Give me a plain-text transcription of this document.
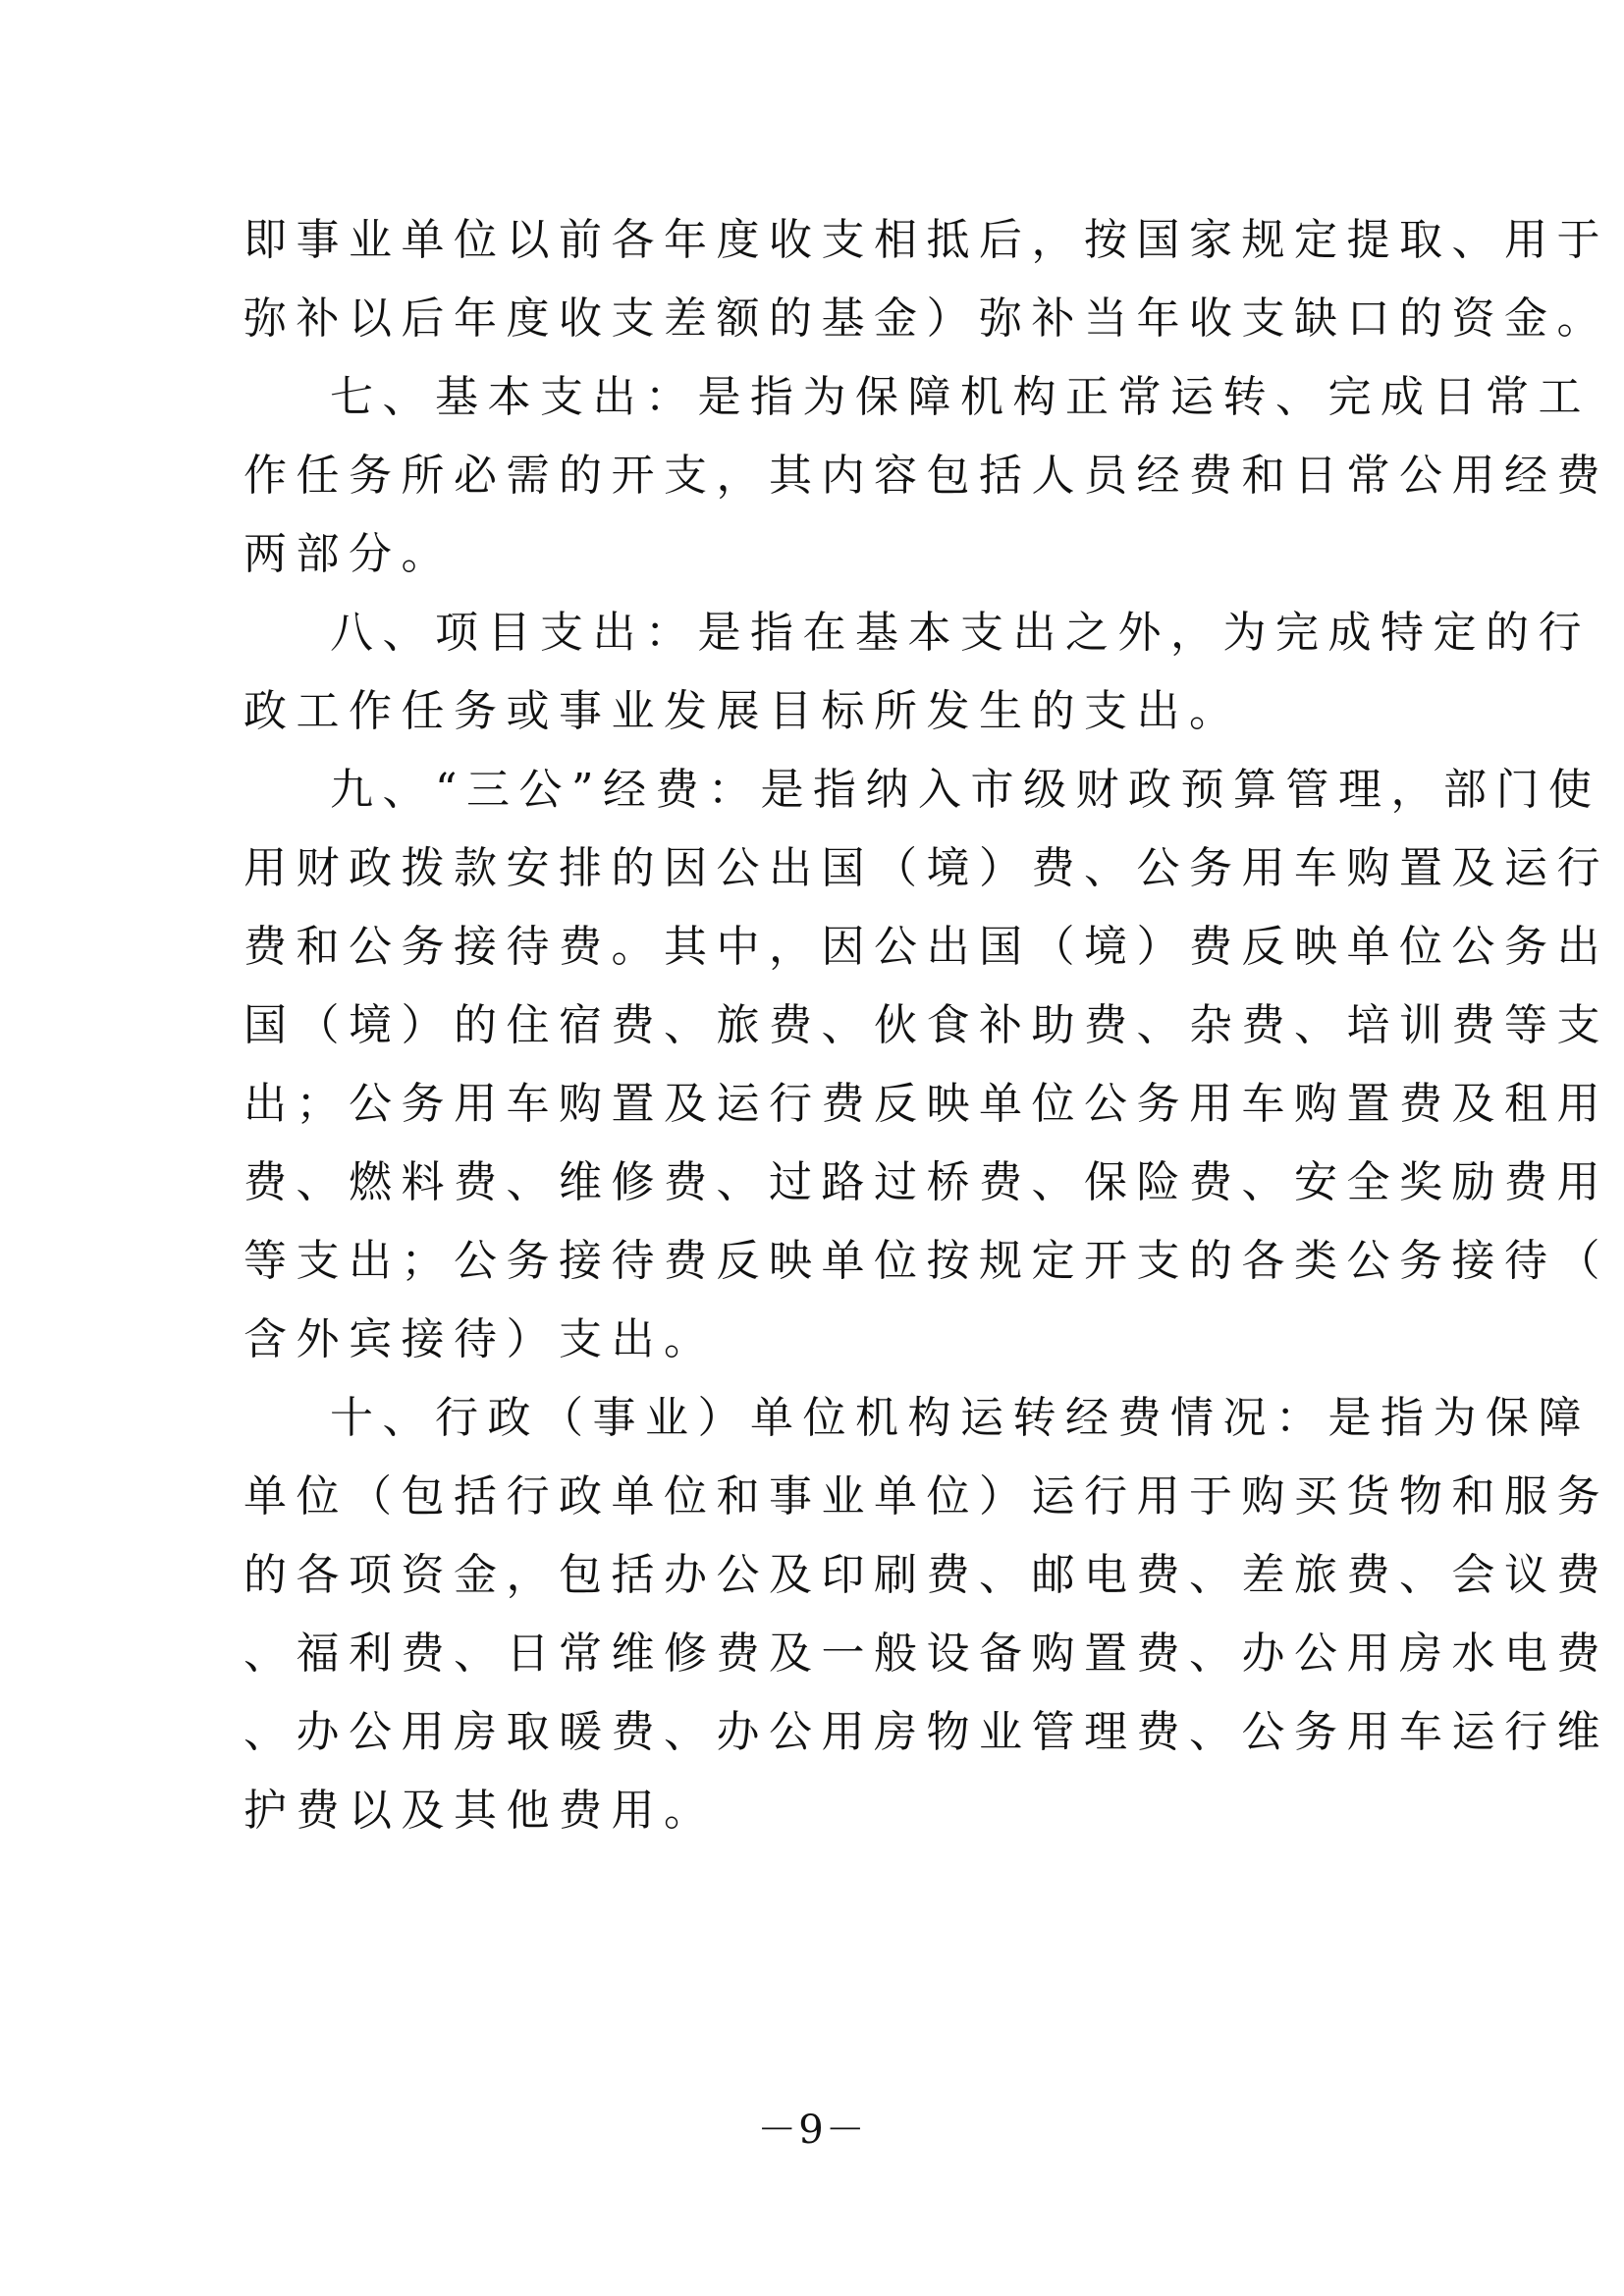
即事业单位以前各年度收支相抵后，按国家规定提取、用于
弥补以后年度收支差额的基金）弥补当年收支缺口的资金。
七、基本支出：是指为保障机构正常运转、完成日常工
作任务所必需的开支，其内容包括人员经费和日常公用经费
两部分。
八、项目支出：是指在基本支出之外，为完成特定的行
政工作任务或事业发展目标所发生的支出。
九、“三公”经费：是指纳入市级财政预算管理，部门使
用财政拨款安排的因公出国（境）费、公务用车购置及运行
费和公务接待费。其中，因公出国（境）费反映单位公务出
国（境）的住宿费、旅费、伙食补助费、杂费、培训费等支
出；公务用车购置及运行费反映单位公务用车购置费及租用
费、燃料费、维修费、过路过桥费、保险费、安全奖励费用
等支出；公务接待费反映单位按规定开支的各类公务接待（
含外宾接待）支出。
十、行政（事业）单位机构运转经费情况：是指为保障
单位（包括行政单位和事业单位）运行用于购买货物和服务
的各项资金，包括办公及印刷费、邮电费、差旅费、会议费
、福利费、日常维修费及一般设备购置费、办公用房水电费
、办公用房取暖费、办公用房物业管理费、公务用车运行维
护费以及其他费用。
－9－
